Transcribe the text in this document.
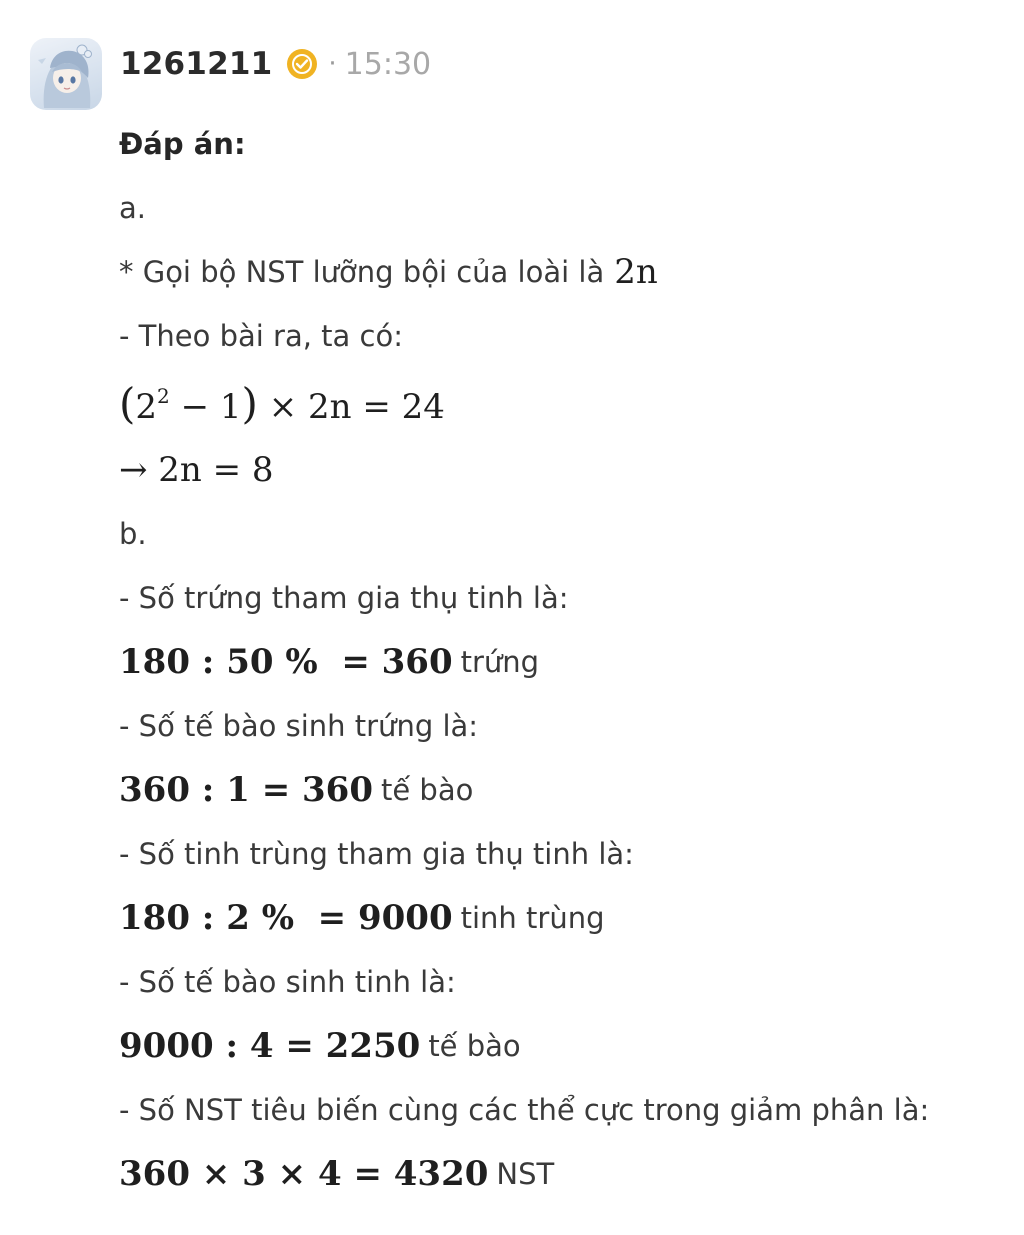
1261211 · 15:30
Đáp án:
a.
* Gọi bộ NST lưỡng bội của loài là 2n
- Theo bài ra, ta có:
$(2^2 - 1) \times 2n = 24$
→ 2n = 8
b.
- Số trứng tham gia thụ tinh là:
180 : 50 %  = 360 trứng
- Số tế bào sinh trứng là:
360 : 1 = 360 tế bào
- Số tinh trùng tham gia thụ tinh là:
180 : 2 %  = 9000 tinh trùng
- Số tế bào sinh tinh là:
9000 : 4 = 2250 tế bào
- Số NST tiêu biến cùng các thể cực trong giảm phân là:
360 × 3 × 4 = 4320 NST
